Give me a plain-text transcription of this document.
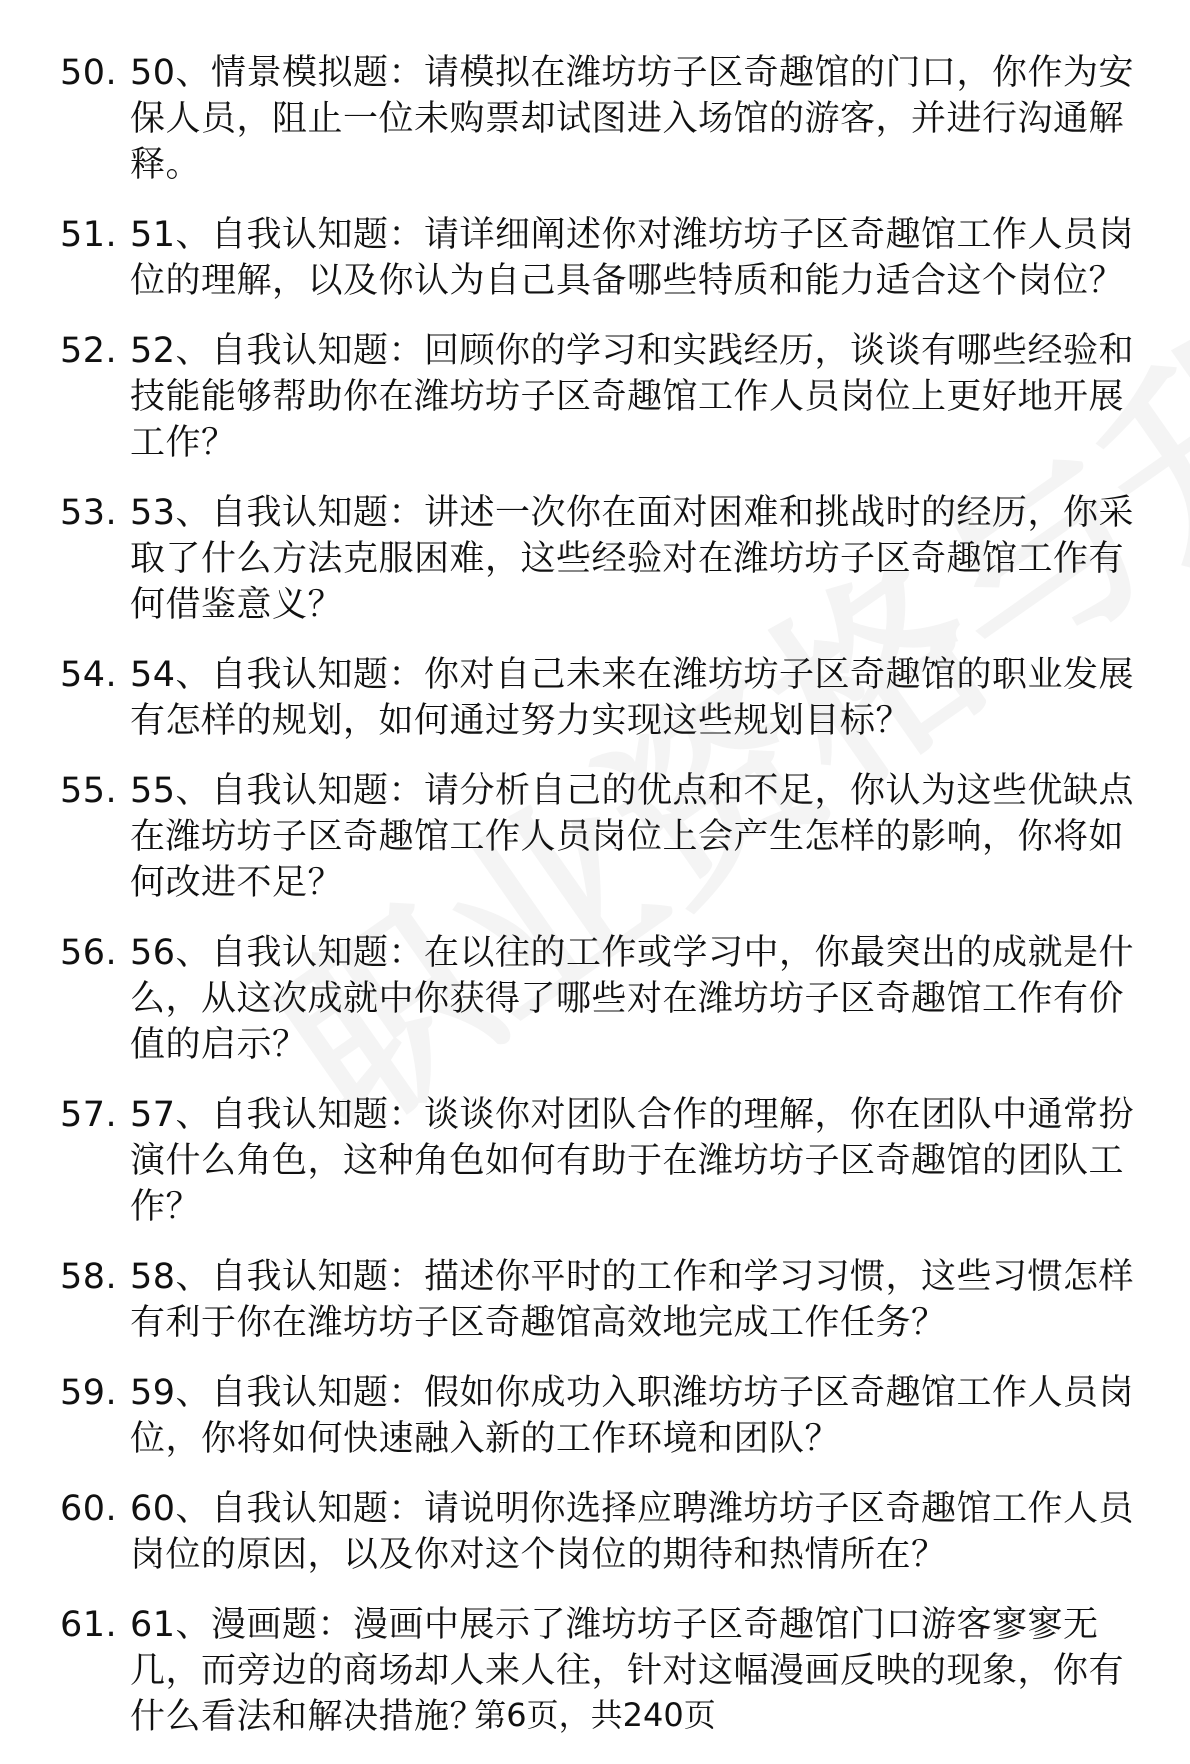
50. 50、情景模拟题：请模拟在潍坊坊子区奇趣馆的门口，你作为安保人员，阻止一位未购票却试图进入场馆的游客，并进行沟通解释。
51. 51、自我认知题：请详细阐述你对潍坊坊子区奇趣馆工作人员岗位的理解，以及你认为自己具备哪些特质和能力适合这个岗位？
52. 52、自我认知题：回顾你的学习和实践经历，谈谈有哪些经验和技能能够帮助你在潍坊坊子区奇趣馆工作人员岗位上更好地开展工作？
53. 53、自我认知题：讲述一次你在面对困难和挑战时的经历，你采取了什么方法克服困难，这些经验对在潍坊坊子区奇趣馆工作有何借鉴意义？
54. 54、自我认知题：你对自己未来在潍坊坊子区奇趣馆的职业发展有怎样的规划，如何通过努力实现这些规划目标？
55. 55、自我认知题：请分析自己的优点和不足，你认为这些优缺点在潍坊坊子区奇趣馆工作人员岗位上会产生怎样的影响，你将如何改进不足？
56. 56、自我认知题：在以往的工作或学习中，你最突出的成就是什么，从这次成就中你获得了哪些对在潍坊坊子区奇趣馆工作有价值的启示？
57. 57、自我认知题：谈谈你对团队合作的理解，你在团队中通常扮演什么角色，这种角色如何有助于在潍坊坊子区奇趣馆的团队工作？
58. 58、自我认知题：描述你平时的工作和学习习惯，这些习惯怎样有利于你在潍坊坊子区奇趣馆高效地完成工作任务？
59. 59、自我认知题：假如你成功入职潍坊坊子区奇趣馆工作人员岗位，你将如何快速融入新的工作环境和团队？
60. 60、自我认知题：请说明你选择应聘潍坊坊子区奇趣馆工作人员岗位的原因，以及你对这个岗位的期待和热情所在？
61. 61、漫画题：漫画中展示了潍坊坊子区奇趣馆门口游客寥寥无几，而旁边的商场却人来人往，针对这幅漫画反映的现象，你有什么看法和解决措施？
第6页，共240页
